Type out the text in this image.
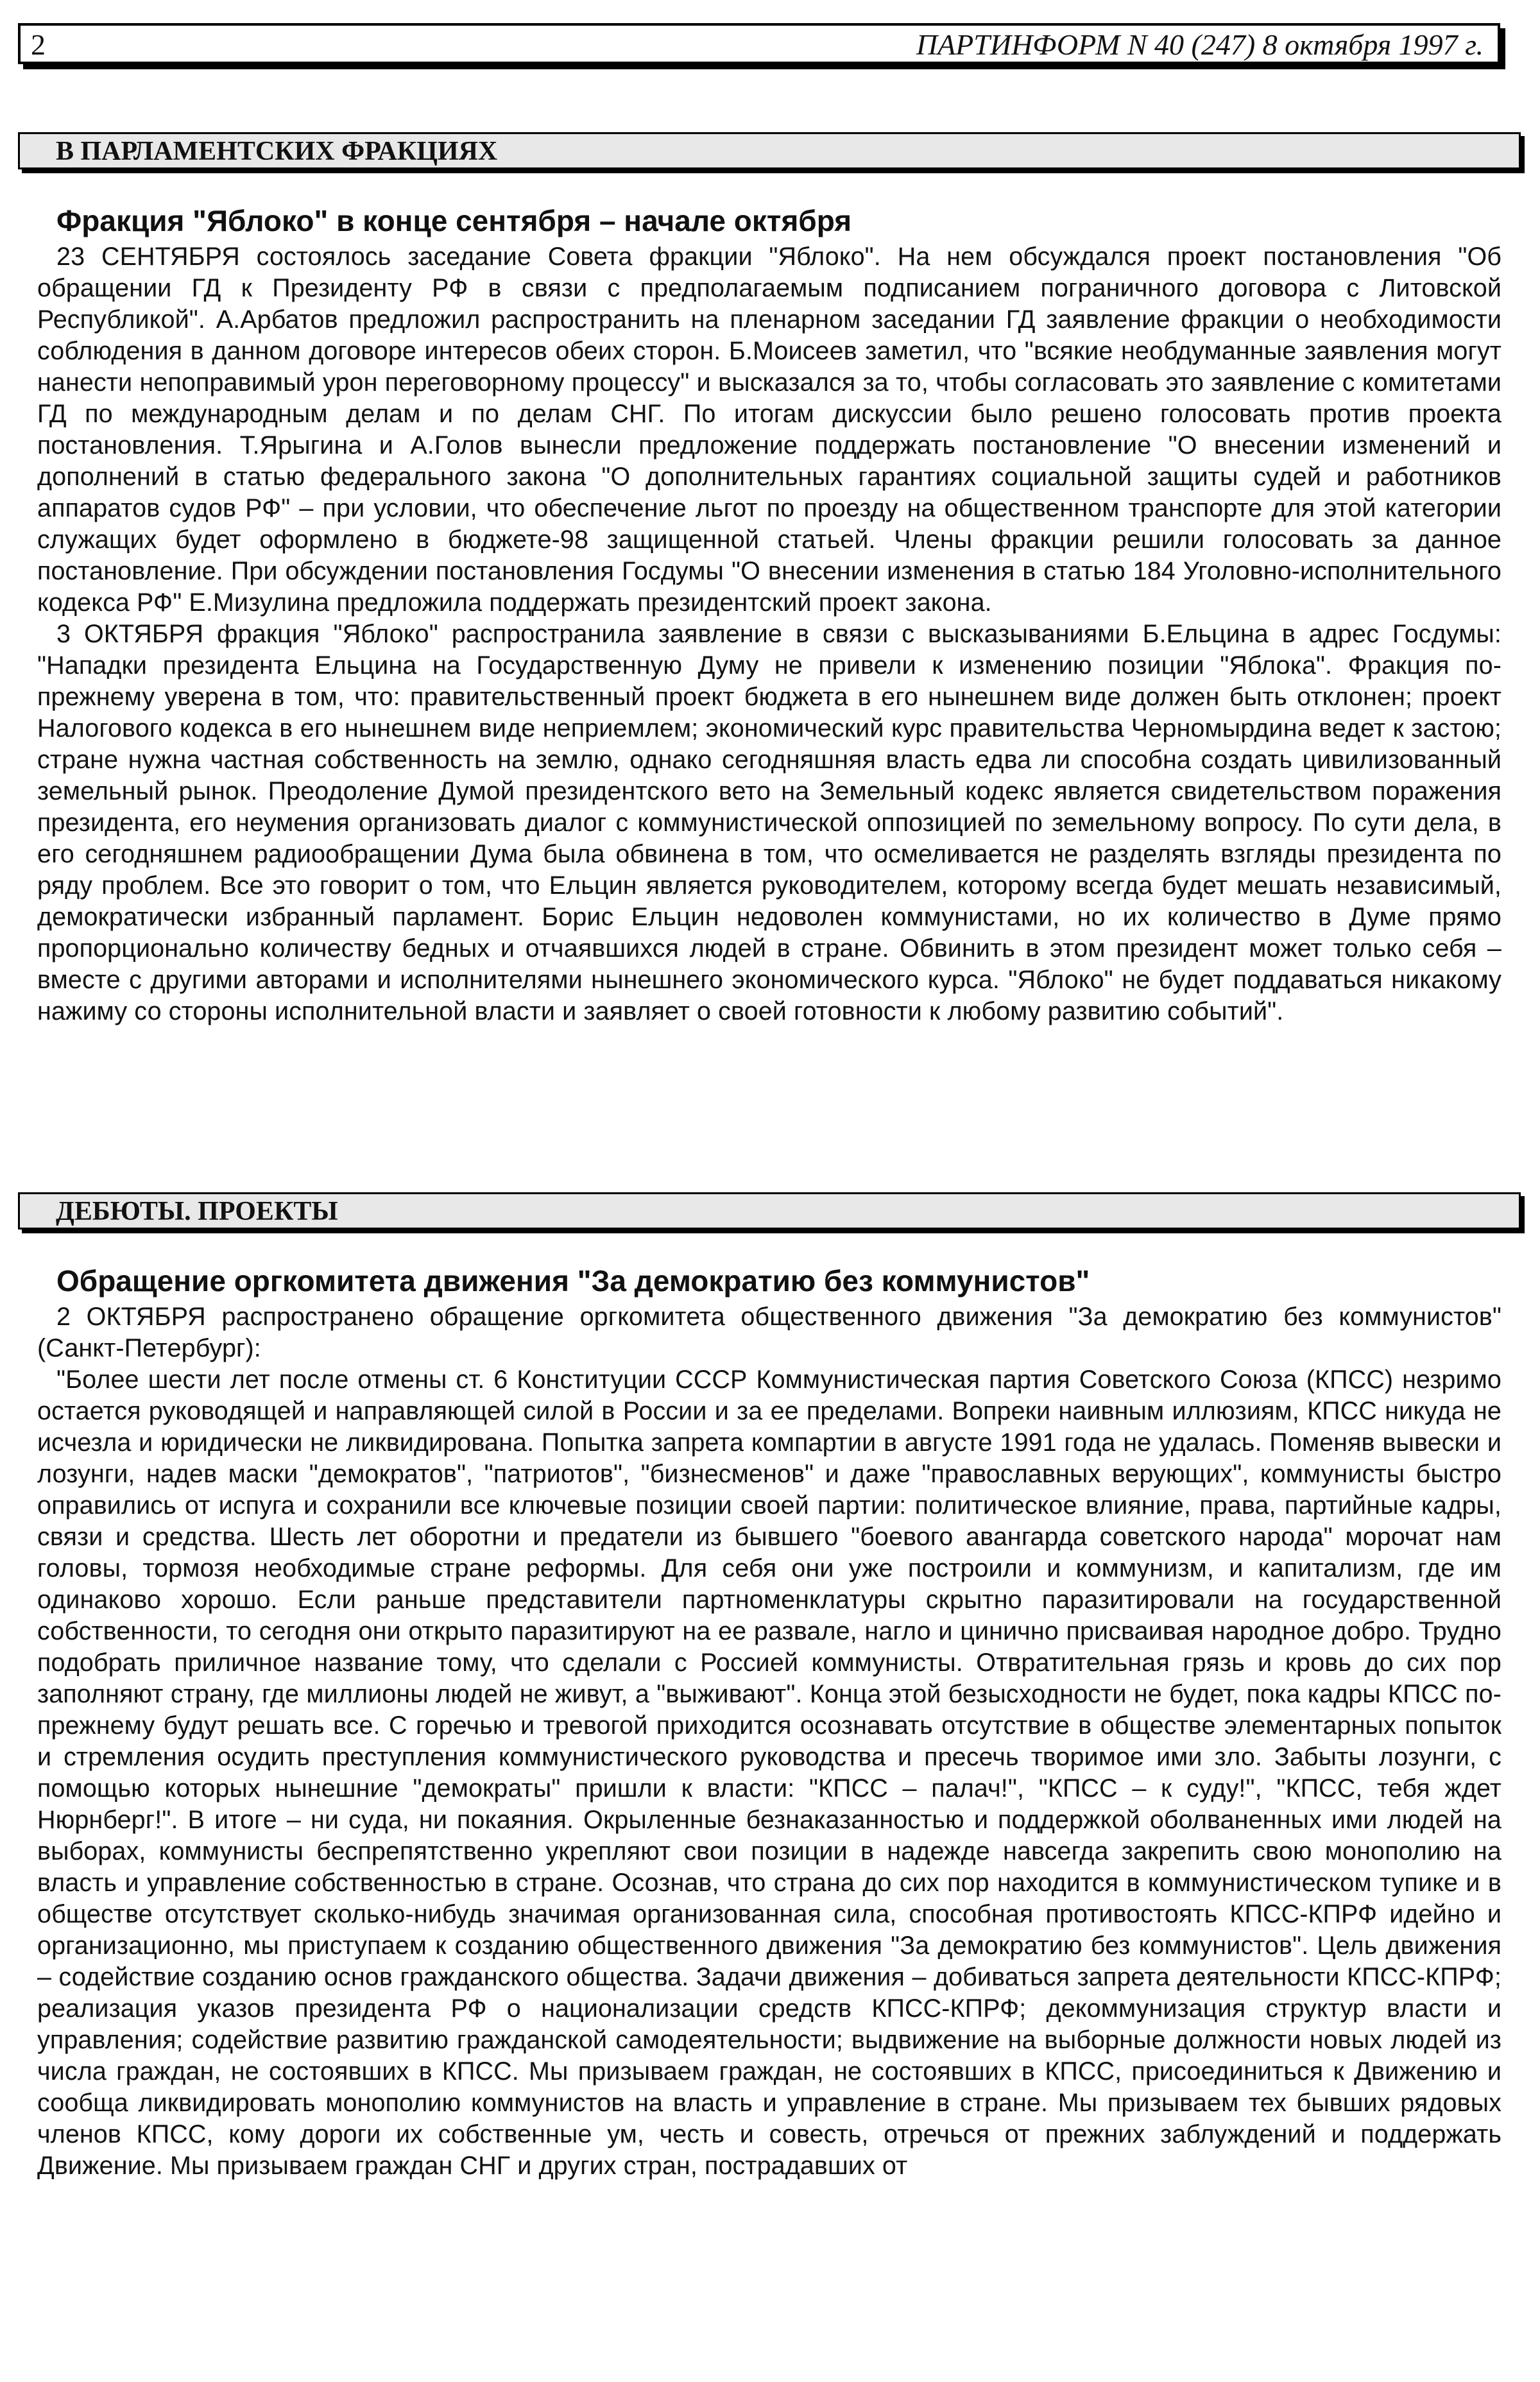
2	ПАРТИНФОРМ N 40 (247) 8 октября 1997 г.
В ПАРЛАМЕНТСКИХ ФРАКЦИЯХ
Фракция "Яблоко" в конце сентября – начале октября

23 СЕНТЯБРЯ состоялось заседание Совета фракции "Яблоко". На нем обсуждался проект постановления "Об обращении ГД к Президенту РФ в связи с предполагаемым подписанием пограничного договора с Литовской Республикой". А.Арбатов предложил распространить на пленарном заседании ГД заявление фракции о необходимости соблюдения в данном договоре интересов обеих сторон. Б.Моисеев заметил, что "всякие необдуманные заявления могут нанести непоправимый урон переговорному процессу" и высказался за то, чтобы согласовать это заявление с комитетами ГД по международным делам и по делам СНГ. По итогам дискуссии было решено голосовать против проекта постановления. Т.Ярыгина и А.Голов вынесли предложение поддержать постановление "О внесении изменений и дополнений в статью федерального закона "О дополнительных гарантиях социальной защиты судей и работников аппаратов судов РФ" – при условии, что обеспечение льгот по проезду на общественном транспорте для этой категории служащих будет оформлено в бюджете-98 защищенной статьей. Члены фракции решили голосовать за данное постановление. При обсуждении постановления Госдумы "О внесении изменения в статью 184 Уголовно-исполнительного кодекса РФ" Е.Мизулина предложила поддержать президентский проект закона.

3 ОКТЯБРЯ фракция "Яблоко" распространила заявление в связи с высказываниями Б.Ельцина в адрес Госдумы: "Нападки президента Ельцина на Государственную Думу не привели к изменению позиции "Яблока". Фракция по-прежнему уверена в том, что: правительственный проект бюджета в его нынешнем виде должен быть отклонен; проект Налогового кодекса в его нынешнем виде неприемлем; экономический курс правительства Черномырдина ведет к застою; стране нужна частная собственность на землю, однако сегодняшняя власть едва ли способна создать цивилизованный земельный рынок. Преодоление Думой президентского вето на Земельный кодекс является свидетельством поражения президента, его неумения организовать диалог с коммунистической оппозицией по земельному вопросу. По сути дела, в его сегодняшнем радиообращении Дума была обвинена в том, что осмеливается не разделять взгляды президента по ряду проблем. Все это говорит о том, что Ельцин является руководителем, которому всегда будет мешать независимый, демократически избранный парламент. Борис Ельцин недоволен коммунистами, но их количество в Думе прямо пропорционально количеству бедных и отчаявшихся людей в стране. Обвинить в этом президент может только себя – вместе с другими авторами и исполнителями нынешнего экономического курса. "Яблоко" не будет поддаваться никакому нажиму со стороны исполнительной власти и заявляет о своей готовности к любому развитию событий".

ДЕБЮТЫ. ПРОЕКТЫ
Обращение оргкомитета движения "За демократию без коммунистов"

2 ОКТЯБРЯ распространено обращение оргкомитета общественного движения "За демократию без коммунистов" (Санкт-Петербург):

"Более шести лет после отмены ст. 6 Конституции СССР Коммунистическая партия Советского Союза (КПСС) незримо остается руководящей и направляющей силой в России и за ее пределами. Вопреки наивным иллюзиям, КПСС никуда не исчезла и юридически не ликвидирована. Попытка запрета компартии в августе 1991 года не удалась. Поменяв вывески и лозунги, надев маски "демократов", "патриотов", "бизнесменов" и даже "православных верующих", коммунисты быстро оправились от испуга и сохранили все ключевые позиции своей партии: политическое влияние, права, партийные кадры, связи и средства. Шесть лет оборотни и предатели из бывшего "боевого авангарда советского народа" морочат нам головы, тормозя необходимые стране реформы. Для себя они уже построили и коммунизм, и капитализм, где им одинаково хорошо. Если раньше представители партноменклатуры скрытно паразитировали на государственной собственности, то сегодня они открыто паразитируют на ее развале, нагло и цинично присваивая народное добро. Трудно подобрать приличное название тому, что сделали с Россией коммунисты. Отвратительная грязь и кровь до сих пор заполняют страну, где миллионы людей не живут, а "выживают". Конца этой безысходности не будет, пока кадры КПСС по-прежнему будут решать все. С горечью и тревогой приходится осознавать отсутствие в обществе элементарных попыток и стремления осудить преступления коммунистического руководства и пресечь творимое ими зло. Забыты лозунги, с помощью которых нынешние "демократы" пришли к власти: "КПСС – палач!", "КПСС – к суду!", "КПСС, тебя ждет Нюрнберг!". В итоге – ни суда, ни покаяния. Окрыленные безнаказанностью и поддержкой оболваненных ими людей на выборах, коммунисты беспрепятственно укрепляют свои позиции в надежде навсегда закрепить свою монополию на власть и управление собственностью в стране. Осознав, что страна до сих пор находится в коммунистическом тупике и в обществе отсутствует сколько-нибудь значимая организованная сила, способная противостоять КПСС-КПРФ идейно и организационно, мы приступаем к созданию общественного движения "За демократию без коммунистов". Цель движения – содействие созданию основ гражданского общества. Задачи движения – добиваться запрета деятельности КПСС-КПРФ; реализация указов президента РФ о национализации средств КПСС-КПРФ; декоммунизация структур власти и управления; содействие развитию гражданской самодеятельности; выдвижение на выборные должности новых людей из числа граждан, не состоявших в КПСС. Мы призываем граждан, не состоявших в КПСС, присоединиться к Движению и сообща ликвидировать монополию коммунистов на власть и управление в стране. Мы призываем тех бывших рядовых членов КПСС, кому дороги их собственные ум, честь и совесть, отречься от прежних заблуждений и поддержать Движение. Мы призываем граждан СНГ и других стран, пострадавших от
